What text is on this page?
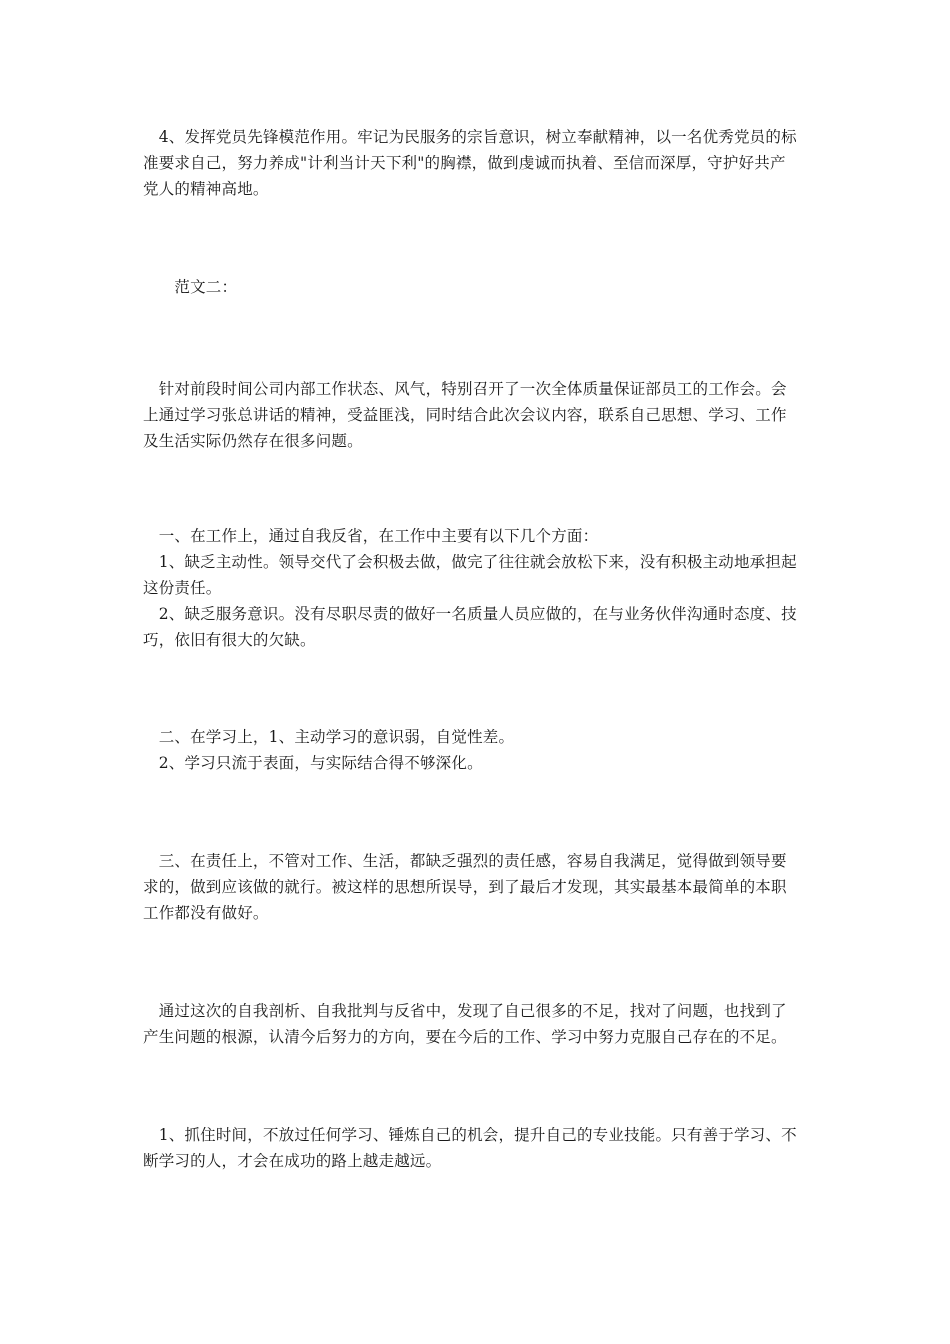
　4、发挥党员先锋模范作用。牢记为民服务的宗旨意识，树立奉献精神，以一名优秀党员的标
准要求自己，努力养成"计利当计天下利"的胸襟，做到虔诚而执着、至信而深厚，守护好共产
党人的精神高地。

　　范文二：

　针对前段时间公司内部工作状态、风气，特别召开了一次全体质量保证部员工的工作会。会
上通过学习张总讲话的精神，受益匪浅，同时结合此次会议内容，联系自己思想、学习、工作
及生活实际仍然存在很多问题。

　一、在工作上，通过自我反省，在工作中主要有以下几个方面：
　1、缺乏主动性。领导交代了会积极去做，做完了往往就会放松下来，没有积极主动地承担起
这份责任。
　2、缺乏服务意识。没有尽职尽责的做好一名质量人员应做的，在与业务伙伴沟通时态度、技
巧，依旧有很大的欠缺。

　二、在学习上，1、主动学习的意识弱，自觉性差。
　2、学习只流于表面，与实际结合得不够深化。

　三、在责任上，不管对工作、生活，都缺乏强烈的责任感，容易自我满足，觉得做到领导要
求的，做到应该做的就行。被这样的思想所误导，到了最后才发现，其实最基本最简单的本职
工作都没有做好。

　通过这次的自我剖析、自我批判与反省中，发现了自己很多的不足，找对了问题，也找到了
产生问题的根源，认清今后努力的方向，要在今后的工作、学习中努力克服自己存在的不足。

　1、抓住时间，不放过任何学习、锤炼自己的机会，提升自己的专业技能。只有善于学习、不
断学习的人，才会在成功的路上越走越远。
